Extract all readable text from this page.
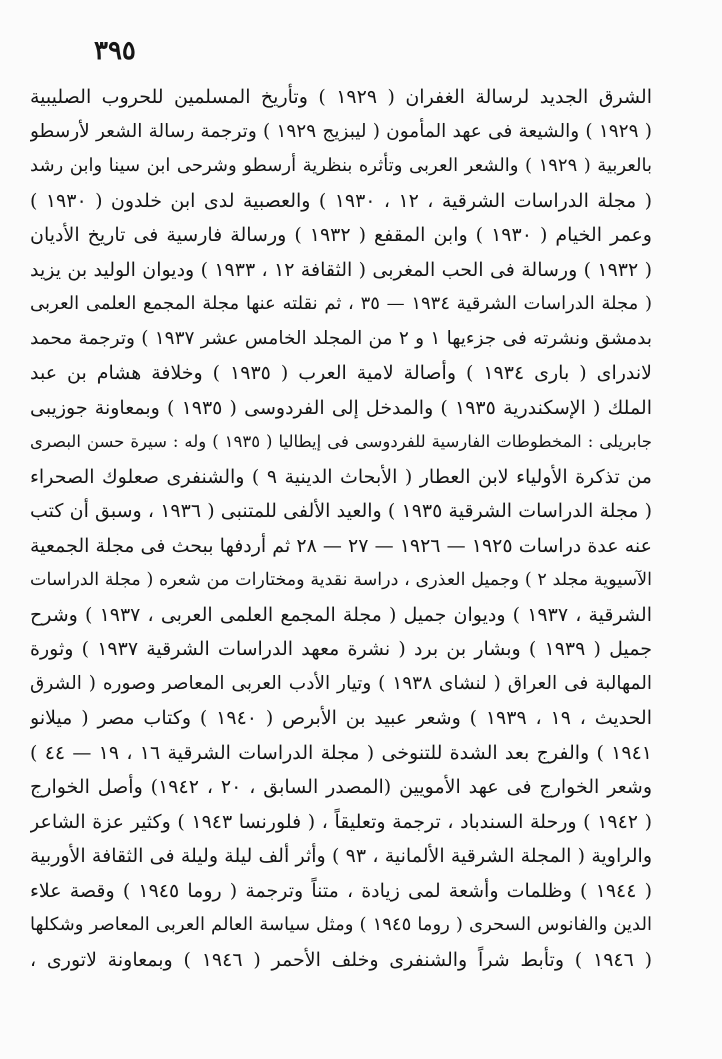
٣٩٥
الشرق الجديد لرسالة الغفران ( ١٩٢٩ ) وتأريخ المسلمين للحروب الصليبية
( ١٩٢٩ ) والشيعة فى عهد المأمون ( ليبزيج ١٩٢٩ ) وترجمة رسالة الشعر لأرسطو
بالعربية ( ١٩٢٩ ) والشعر العربى وتأثره بنظرية أرسطو وشرحى ابن سينا وابن رشد
( مجلة الدراسات الشرقية ، ١٢ ، ١٩٣٠ ) والعصبية لدى ابن خلدون ( ١٩٣٠ )
وعمر الخيام ( ١٩٣٠ ) وابن المقفع ( ١٩٣٢ ) ورسالة فارسية فى تاريخ الأديان
( ١٩٣٢ ) ورسالة فى الحب المغربى ( الثقافة ١٢ ، ١٩٣٣ ) وديوان الوليد بن يزيد
( مجلة الدراسات الشرقية ١٩٣٤ — ٣٥ ، ثم نقلته عنها مجلة المجمع العلمى العربى
بدمشق ونشرته فى جزءيها ١ و ٢ من المجلد الخامس عشر ١٩٣٧ ) وترجمة محمد
لاندراى ( بارى ١٩٣٤ ) وأصالة لامية العرب ( ١٩٣٥ ) وخلافة هشام بن عبد
الملك ( الإسكندرية ١٩٣٥ ) والمدخل إلى الفردوسى ( ١٩٣٥ ) وبمعاونة جوزيبى
جابريلى : المخطوطات الفارسية للفردوسى فى إيطاليا ( ١٩٣٥ ) وله : سيرة حسن البصرى
من تذكرة الأولياء لابن العطار ( الأبحاث الدينية ٩ ) والشنفرى صعلوك الصحراء
( مجلة الدراسات الشرقية ١٩٣٥ ) والعيد الألفى للمتنبى ( ١٩٣٦ ، وسبق أن كتب
عنه عدة دراسات ١٩٢٥ — ١٩٢٦ — ٢٧ — ٢٨ ثم أردفها ببحث فى مجلة الجمعية
الآسيوية مجلد ٢ ) وجميل العذرى ، دراسة نقدية ومختارات من شعره ( مجلة الدراسات
الشرقية ، ١٩٣٧ ) وديوان جميل ( مجلة المجمع العلمى العربى ، ١٩٣٧ ) وشرح
جميل ( ١٩٣٩ ) وبشار بن برد ( نشرة معهد الدراسات الشرقية ١٩٣٧ ) وثورة
المهالبة فى العراق ( لنشاى ١٩٣٨ ) وتيار الأدب العربى المعاصر وصوره ( الشرق
الحديث ، ١٩ ، ١٩٣٩ ) وشعر عبيد بن الأبرص ( ١٩٤٠ ) وكتاب مصر ( ميلانو
١٩٤١ ) والفرج بعد الشدة للتنوخى ( مجلة الدراسات الشرقية ١٦ ، ١٩ — ٤٤ )
وشعر الخوارج فى عهد الأمويين (المصدر السابق ، ٢٠ ، ١٩٤٢) وأصل الخوارج
( ١٩٤٢ ) ورحلة السندباد ، ترجمة وتعليقاً ، ( فلورنسا ١٩٤٣ ) وكثير عزة الشاعر
والراوية ( المجلة الشرقية الألمانية ، ٩٣ ) وأثر ألف ليلة وليلة فى الثقافة الأوربية
( ١٩٤٤ ) وظلمات وأشعة لمى زيادة ، متناً وترجمة ( روما ١٩٤٥ ) وقصة علاء
الدين والفانوس السحرى ( روما ١٩٤٥ ) ومثل سياسة العالم العربى المعاصر وشكلها
( ١٩٤٦ ) وتأبط شراً والشنفرى وخلف الأحمر ( ١٩٤٦ ) وبمعاونة لاتورى ،
